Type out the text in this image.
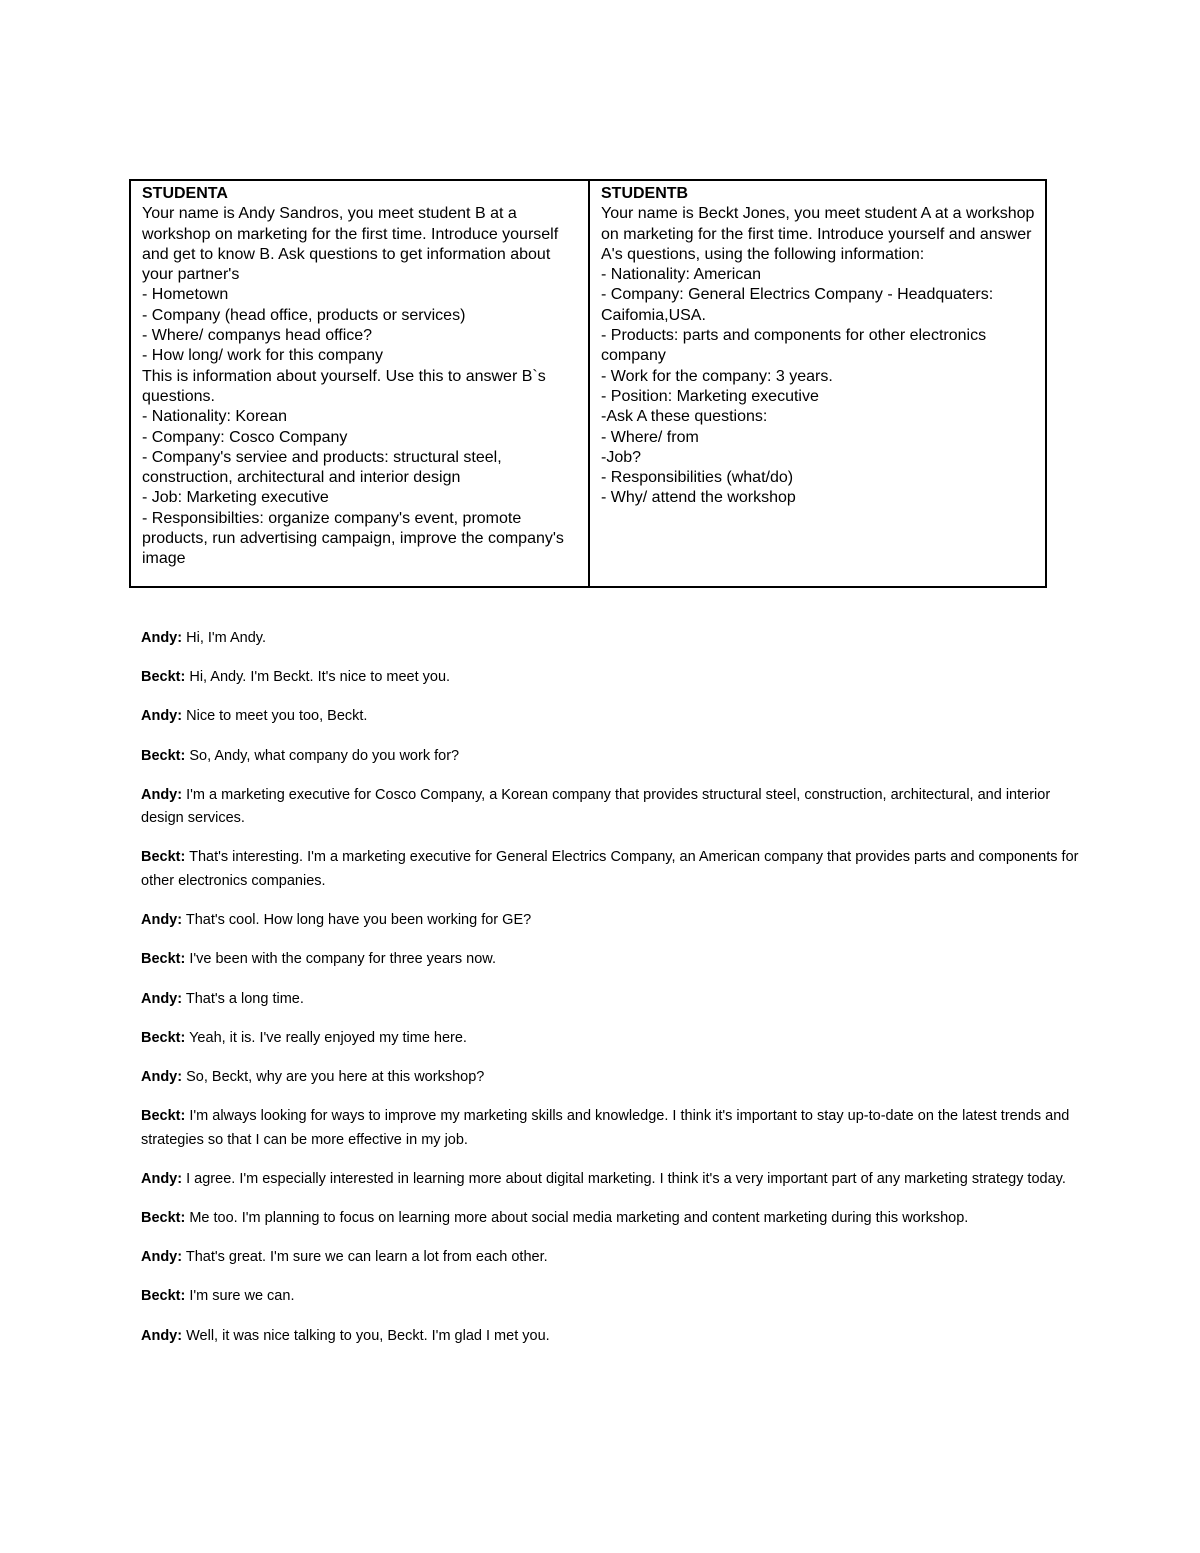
STUDENTA
Your name is Andy Sandros, you meet student B at a workshop on marketing for the first time. Introduce yourself and get to know B. Ask questions to get information about your partner's
- Hometown
- Company (head office, products or services)
- Where/ companys head office?
- How long/ work for this company
This is information about yourself. Use this to answer B`s questions.
- Nationality: Korean
- Company: Cosco Company
- Company's serviee and products: structural steel, construction, architectural and interior design
- Job: Marketing executive
- Responsibilties: organize company's event, promote products, run advertising campaign, improve the company's image
STUDENTB
Your name is Beckt Jones, you meet student A at a workshop on marketing for the first time. Introduce yourself and answer A's questions, using the following information:
- Nationality: American
- Company: General Electrics Company - Headquaters: Caifomia,USA.
- Products: parts and components for other electronics company
- Work for the company: 3 years.
- Position: Marketing executive
-Ask A these questions:
- Where/ from
-Job?
- Responsibilities (what/do)
- Why/ attend the workshop

Andy: Hi, I'm Andy.

Beckt: Hi, Andy. I'm Beckt. It's nice to meet you.

Andy: Nice to meet you too, Beckt.

Beckt: So, Andy, what company do you work for?

Andy: I'm a marketing executive for Cosco Company, a Korean company that provides structural steel, construction, architectural, and interior design services.

Beckt: That's interesting. I'm a marketing executive for General Electrics Company, an American company that provides parts and components for other electronics companies.

Andy: That's cool. How long have you been working for GE?

Beckt: I've been with the company for three years now.

Andy: That's a long time.

Beckt: Yeah, it is. I've really enjoyed my time here.

Andy: So, Beckt, why are you here at this workshop?

Beckt: I'm always looking for ways to improve my marketing skills and knowledge. I think it's important to stay up-to-date on the latest trends and strategies so that I can be more effective in my job.

Andy: I agree. I'm especially interested in learning more about digital marketing. I think it's a very important part of any marketing strategy today.

Beckt: Me too. I'm planning to focus on learning more about social media marketing and content marketing during this workshop.

Andy: That's great. I'm sure we can learn a lot from each other.

Beckt: I'm sure we can.

Andy: Well, it was nice talking to you, Beckt. I'm glad I met you.
